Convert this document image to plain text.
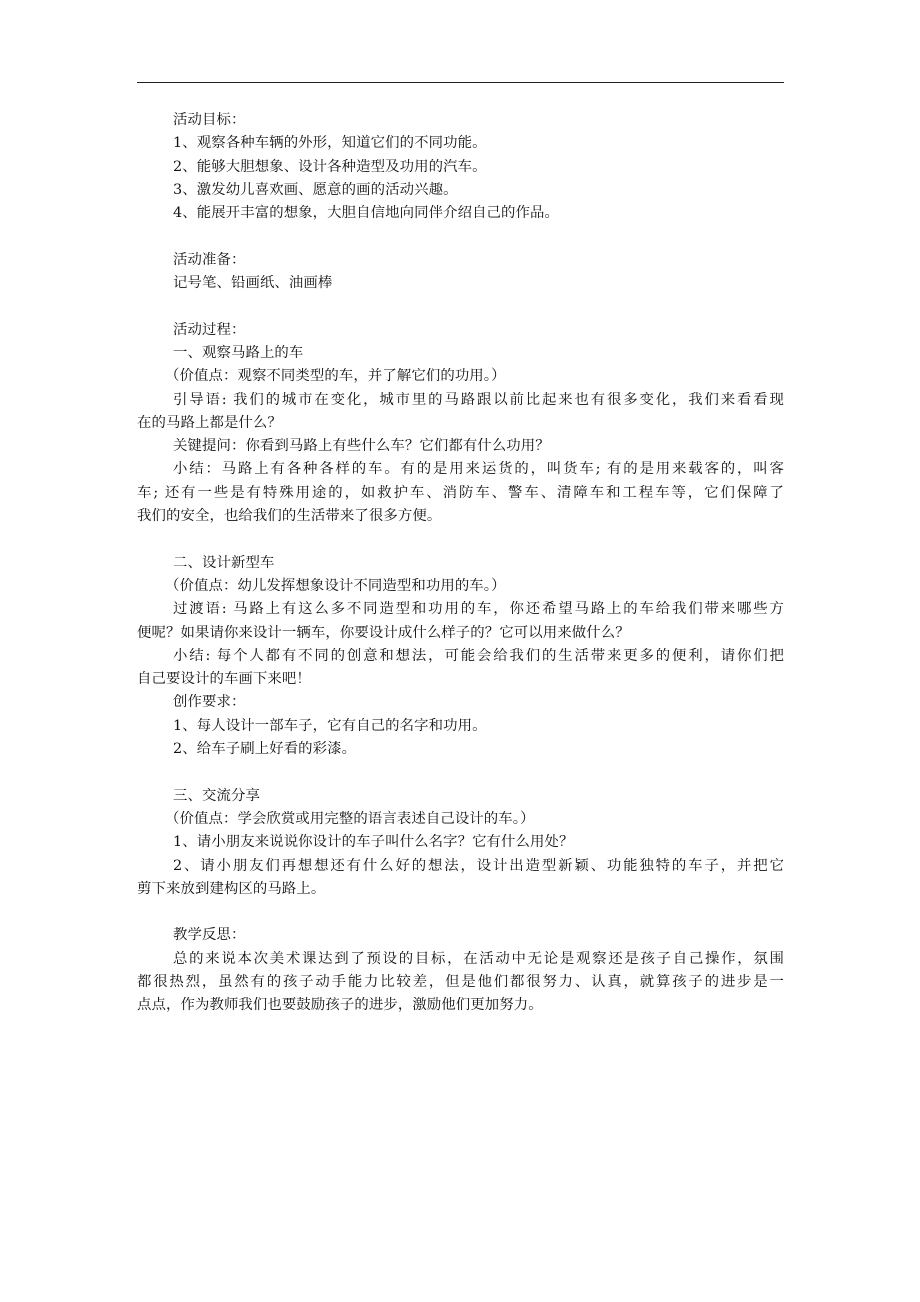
活动目标：
1、观察各种车辆的外形，知道它们的不同功能。
2、能够大胆想象、设计各种造型及功用的汽车。
3、激发幼儿喜欢画、愿意的画的活动兴趣。
4、能展开丰富的想象，大胆自信地向同伴介绍自己的作品。
活动准备：
记号笔、铅画纸、油画棒
活动过程：
一、观察马路上的车
（价值点：观察不同类型的车，并了解它们的功用。）
引导语: 我们的城市在变化，城市里的马路跟以前比起来也有很多变化，我们来看看现
在的马路上都是什么？
关键提问：你看到马路上有些什么车？它们都有什么功用？
小结：马路上有各种各样的车。有的是用来运货的，叫货车; 有的是用来载客的，叫客
车; 还有一些是有特殊用途的，如救护车、消防车、警车、清障车和工程车等，它们保障了
我们的安全，也给我们的生活带来了很多方便。
二、设计新型车
（价值点：幼儿发挥想象设计不同造型和功用的车。）
过渡语: 马路上有这么多不同造型和功用的车，你还希望马路上的车给我们带来哪些方
便呢？如果请你来设计一辆车，你要设计成什么样子的？它可以用来做什么？
小结: 每个人都有不同的创意和想法，可能会给我们的生活带来更多的便利，请你们把
自己要设计的车画下来吧！
创作要求：
1、每人设计一部车子，它有自己的名字和功用。
2、给车子刷上好看的彩漆。
三、交流分享
（价值点：学会欣赏或用完整的语言表述自己设计的车。）
1、请小朋友来说说你设计的车子叫什么名字？它有什么用处？
2、请小朋友们再想想还有什么好的想法，设计出造型新颖、功能独特的车子，并把它
剪下来放到建构区的马路上。
教学反思：
总的来说本次美术课达到了预设的目标，在活动中无论是观察还是孩子自己操作，氛围
都很热烈，虽然有的孩子动手能力比较差，但是他们都很努力、认真，就算孩子的进步是一
点点，作为教师我们也要鼓励孩子的进步，激励他们更加努力。
